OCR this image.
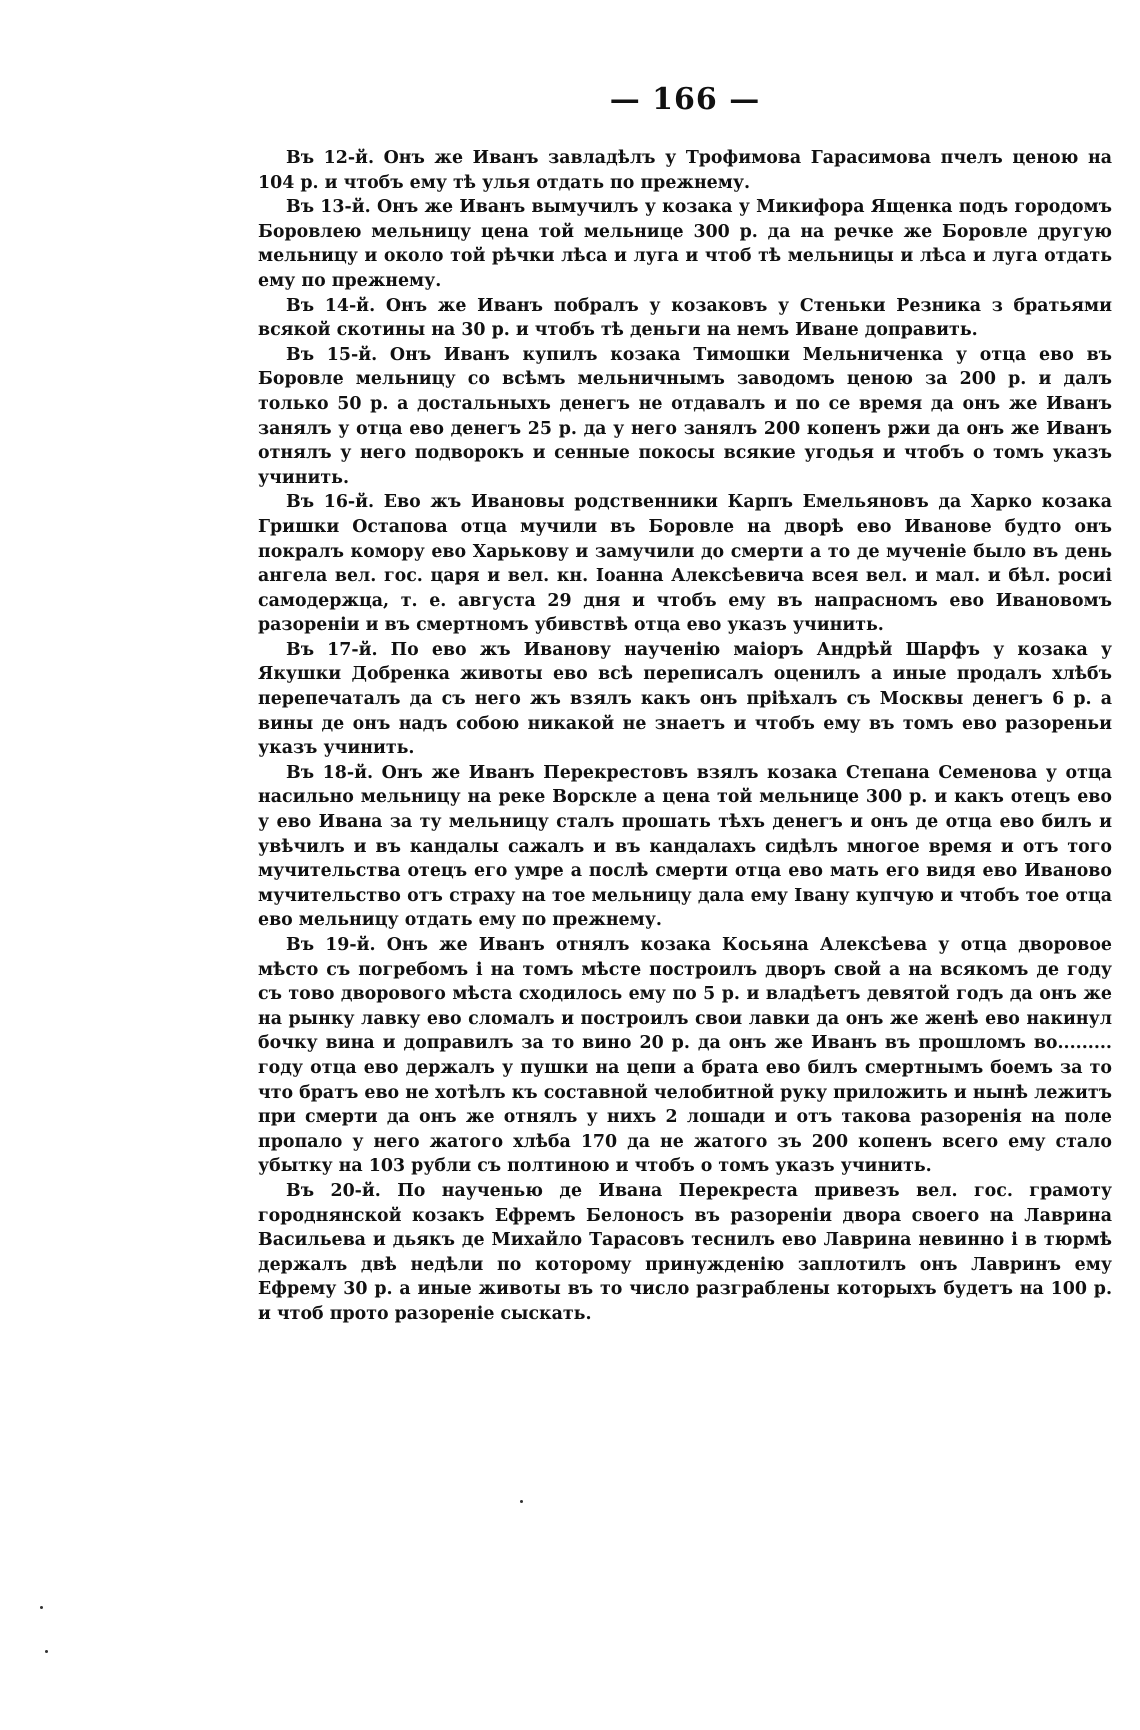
— 166 —

Въ 12-й. Онъ же Иванъ завладѣлъ у Трофимова Гарасимова пчелъ ценою на 104 р. и чтобъ ему тѣ улья отдать по прежнему.

Въ 13-й. Онъ же Иванъ вымучилъ у козака у Микифора Ященка подъ городомъ Боровлею мельницу цена той мельнице 300 р. да на речке же Боровле другую мельницу и около той рѣчки лѣса и луга и чтоб тѣ мельницы и лѣса и луга отдать ему по прежнему.

Въ 14-й. Онъ же Иванъ побралъ у козаковъ у Стеньки Резника з братьями всякой скотины на 30 р. и чтобъ тѣ деньги на немъ Иване доправить.

Въ 15-й. Онъ Иванъ купилъ козака Тимошки Мельниченка у отца ево въ Боровле мельницу со всѣмъ мельничнымъ заводомъ ценою за 200 р. и далъ только 50 р. а достальныхъ денегъ не отдавалъ и по се время да онъ же Иванъ занялъ у отца ево денегъ 25 р. да у него занялъ 200 копенъ ржи да онъ же Иванъ отнялъ у него подворокъ и сенные покосы всякие угодья и чтобъ о томъ указъ учинить.

Въ 16-й. Ево жъ Ивановы родственники Карпъ Емельяновъ да Харко козака Гришки Остапова отца мучили въ Боровле на дворѣ ево Иванове будто онъ покралъ комору ево Харькову и замучили до смерти а то де мученіе было въ день ангела вел. гос. царя и вел. кн. Іоанна Алексѣевича всея вел. и мал. и бѣл. росиі самодержца, т. е. августа 29 дня и чтобъ ему въ напрасномъ ево Ивановомъ разореніи и въ смертномъ убивствѣ отца ево указъ учинить.

Въ 17-й. По ево жъ Иванову наученію маіоръ Андрѣй Шарфъ у козака у Якушки Добренка животы ево всѣ переписалъ оценилъ а иные продалъ хлѣбъ перепечаталъ да съ него жъ взялъ какъ онъ пріѣхалъ съ Москвы денегъ 6 р. а вины де онъ надъ собою никакой не знаетъ и чтобъ ему въ томъ ево разореньи указъ учинить.

Въ 18-й. Онъ же Иванъ Перекрестовъ взялъ козака Степана Семенова у отца насильно мельницу на реке Ворскле а цена той мельнице 300 р. и какъ отецъ ево у ево Ивана за ту мельницу сталъ прошать тѣхъ денегъ и онъ де отца ево билъ и увѣчилъ и въ кандалы сажалъ и въ кандалахъ сидѣлъ многое время и отъ того мучительства отецъ его умре а послѣ смерти отца ево мать его видя ево Иваново мучительство отъ страху на тое мельницу дала ему Івану купчую и чтобъ тое отца ево мельницу отдать ему по прежнему.

Въ 19-й. Онъ же Иванъ отнялъ козака Косьяна Алексѣева у отца дворовое мѣсто съ погребомъ і на томъ мѣсте построилъ дворъ свой а на всякомъ де году съ тово дворового мѣста сходилось ему по 5 р. и владѣетъ девятой годъ да онъ же на рынку лавку ево сломалъ и построилъ свои лавки да онъ же женѣ ево накинул бочку вина и доправилъ за то вино 20 р. да онъ же Иванъ въ прошломъ во......... году отца ево держалъ у пушки на цепи а брата ево билъ смертнымъ боемъ за то что братъ ево не хотѣлъ къ составной челобитной руку приложить и нынѣ лежитъ при смерти да онъ же отнялъ у нихъ 2 лошади и отъ такова разоренія на поле пропало у него жатого хлѣба 170 да не жатого зъ 200 копенъ всего ему стало убытку на 103 рубли съ полтиною и чтобъ о томъ указъ учинить.

Въ 20-й. По наученью де Ивана Перекреста привезъ вел. гос. грамоту городнянской козакъ Ефремъ Белоносъ въ разореніи двора своего на Лаврина Васильева и дьякъ де Михайло Тарасовъ теснилъ ево Лаврина невинно і в тюрмѣ держалъ двѣ недѣли по которому принужденію заплотилъ онъ Лавринъ ему Ефрему 30 р. а иные животы въ то число разграблены которыхъ будетъ на 100 р. и чтоб прото разореніе сыскать.
